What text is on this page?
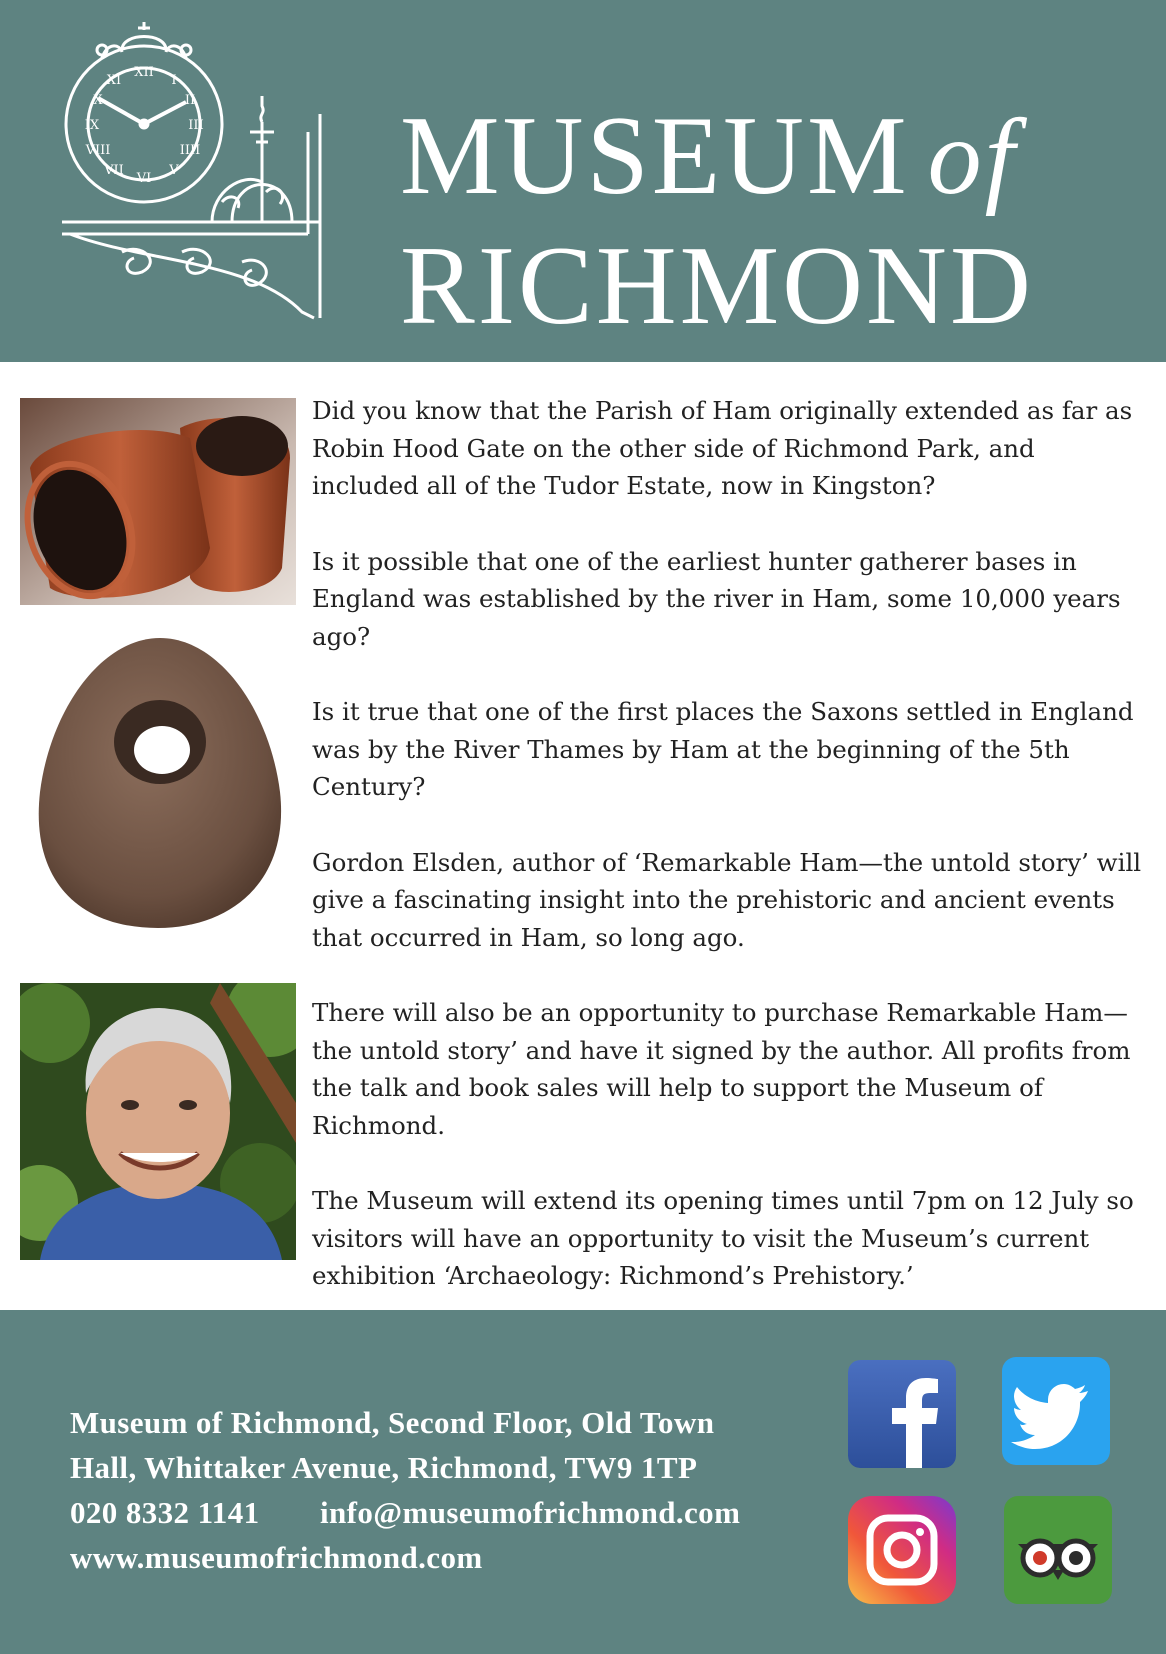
XII
I
II
III
IIII
V
VI
VII
VIII
IX
X
XI
MUSEUM of
RICHMOND

Did you know that the Parish of Ham originally extended as far as Robin Hood Gate on the other side of Richmond Park, and included all of the Tudor Estate, now in Kingston?

Is it possible that one of the earliest hunter gatherer bases in England was established by the river in Ham, some 10,000 years ago?

Is it true that one of the first places the Saxons settled in England was by the River Thames by Ham at the beginning of the 5th Century?

Gordon Elsden, author of ‘Remarkable Ham—the untold story’ will give a fascinating insight into the prehistoric and ancient events that occurred in Ham, so long ago.

There will also be an opportunity to purchase Remarkable Ham—the untold story’ and have it signed by the author. All profits from the talk and book sales will help to support the Museum of Richmond.

The Museum will extend its opening times until 7pm on 12 July so visitors will have an opportunity to visit the Museum’s current exhibition ‘Archaeology: Richmond’s Prehistory.’

Museum of Richmond, Second Floor, Old Town
Hall, Whittaker Avenue, Richmond, TW9 1TP
020 8332 1141 info@museumofrichmond.com
www.museumofrichmond.com
